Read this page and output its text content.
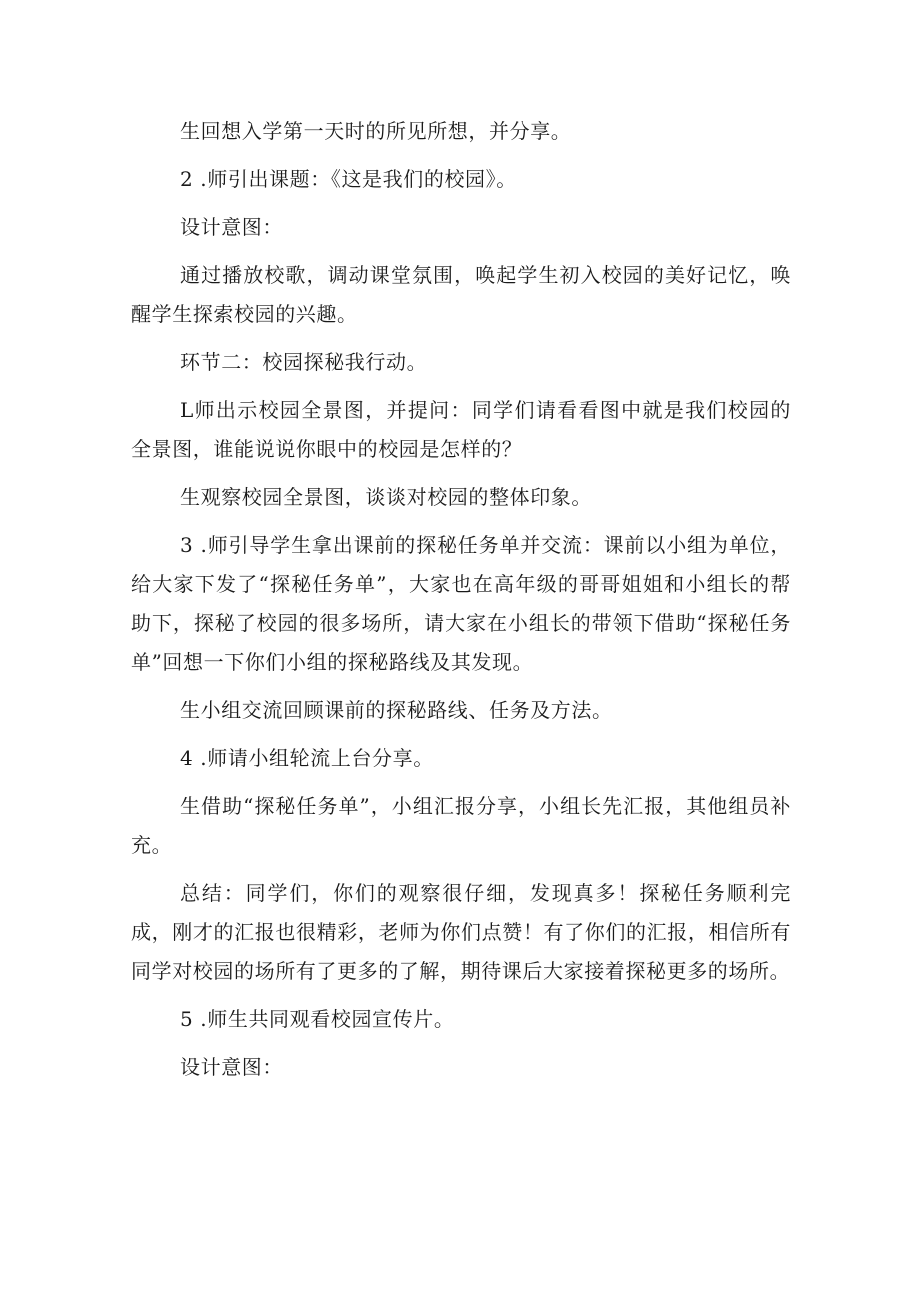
生回想入学第一天时的所见所想，并分享。

2 .师引出课题：《这是我们的校园》。

设计意图：

通过播放校歌，调动课堂氛围，唤起学生初入校园的美好记忆，唤醒学生探索校园的兴趣。

环节二：校园探秘我行动。

L师出示校园全景图，并提问：同学们请看看图中就是我们校园的全景图，谁能说说你眼中的校园是怎样的？

生观察校园全景图，谈谈对校园的整体印象。

3 .师引导学生拿出课前的探秘任务单并交流：课前以小组为单位，给大家下发了“探秘任务单”，大家也在高年级的哥哥姐姐和小组长的帮助下，探秘了校园的很多场所，请大家在小组长的带领下借助“探秘任务单”回想一下你们小组的探秘路线及其发现。

生小组交流回顾课前的探秘路线、任务及方法。

4 .师请小组轮流上台分享。

生借助“探秘任务单”，小组汇报分享，小组长先汇报，其他组员补充。

总结：同学们，你们的观察很仔细，发现真多！探秘任务顺利完成，刚才的汇报也很精彩，老师为你们点赞！有了你们的汇报，相信所有同学对校园的场所有了更多的了解，期待课后大家接着探秘更多的场所。

5 .师生共同观看校园宣传片。

设计意图：
